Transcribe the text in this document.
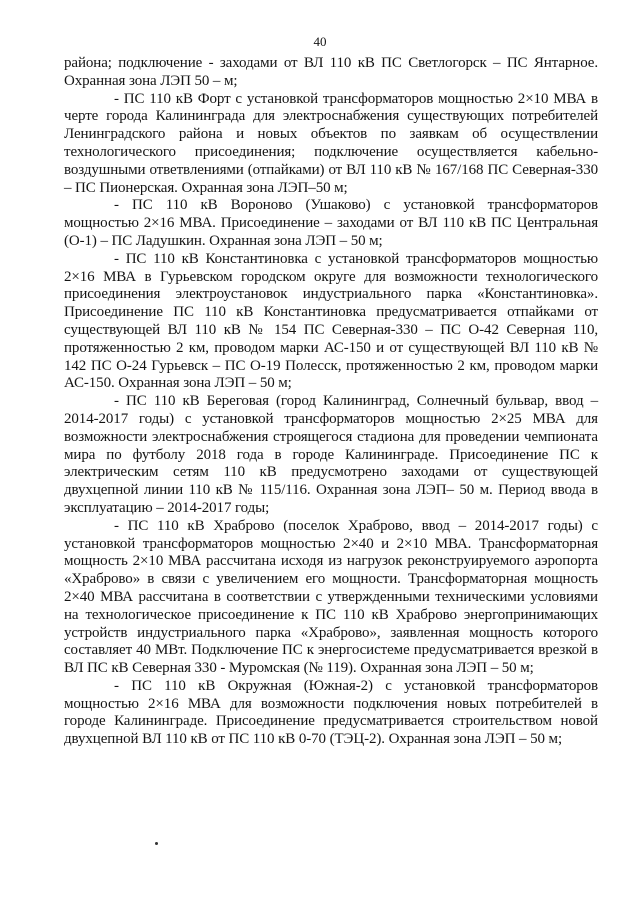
40

района; подключение - заходами от ВЛ 110 кВ ПС Светлогорск – ПС Янтарное. Охранная зона ЛЭП 50 – м;

- ПС 110 кВ Форт с установкой трансформаторов мощностью 2×10 МВА в черте города Калининграда для электроснабжения существующих потребителей Ленинградского района и новых объектов по заявкам об осуществлении технологического присоединения; подключение осуществляется кабельно-воздушными ответвлениями (отпайками) от ВЛ 110 кВ № 167/168 ПС Северная-330 – ПС Пионерская. Охранная зона ЛЭП–50 м;

- ПС 110 кВ Вороново (Ушаково) с установкой трансформаторов мощностью 2×16 МВА. Присоединение – заходами от ВЛ 110 кВ ПС Центральная (О-1) – ПС Ладушкин. Охранная зона ЛЭП – 50 м;

- ПС 110 кВ Константиновка с установкой трансформаторов мощностью 2×16 МВА в Гурьевском городском округе для возможности технологического присоединения электроустановок индустриального парка «Константиновка». Присоединение ПС 110 кВ Константиновка предусматривается отпайками от существующей ВЛ 110 кВ № 154 ПС Северная-330 – ПС О-42 Северная 110, протяженностью 2 км, проводом марки АС-150 и от существующей ВЛ 110 кВ № 142 ПС О-24 Гурьевск – ПС О-19 Полесск, протяженностью 2 км, проводом марки АС-150. Охранная зона ЛЭП – 50 м;

- ПС 110 кВ Береговая (город Калининград, Солнечный бульвар, ввод – 2014-2017 годы) с установкой трансформаторов мощностью 2×25 МВА для возможности электроснабжения строящегося стадиона для проведении чемпионата мира по футболу 2018 года в городе Калининграде. Присоединение ПС к электрическим сетям 110 кВ предусмотрено заходами от существующей двухцепной линии 110 кВ № 115/116. Охранная зона ЛЭП– 50 м. Период ввода в эксплуатацию – 2014-2017 годы;

- ПС 110 кВ Храброво (поселок Храброво, ввод – 2014-2017 годы) с установкой трансформаторов мощностью 2×40 и 2×10 МВА. Трансформаторная мощность 2×10 МВА рассчитана исходя из нагрузок реконструируемого аэропорта «Храброво» в связи с увеличением его мощности. Трансформаторная мощность 2×40 МВА рассчитана в соответствии с утвержденными техническими условиями на технологическое присоединение к ПС 110 кВ Храброво энергопринимающих устройств индустриального парка «Храброво», заявленная мощность которого составляет 40 МВт. Подключение ПС к энергосистеме предусматривается врезкой в ВЛ ПС кВ Северная 330 - Муромская (№ 119). Охранная зона ЛЭП – 50 м;

- ПС 110 кВ Окружная (Южная-2) с установкой трансформаторов мощностью 2×16 МВА для возможности подключения новых потребителей в городе Калининграде. Присоединение предусматривается строительством новой двухцепной ВЛ 110 кВ от ПС 110 кВ 0-70 (ТЭЦ-2). Охранная зона ЛЭП – 50 м;
